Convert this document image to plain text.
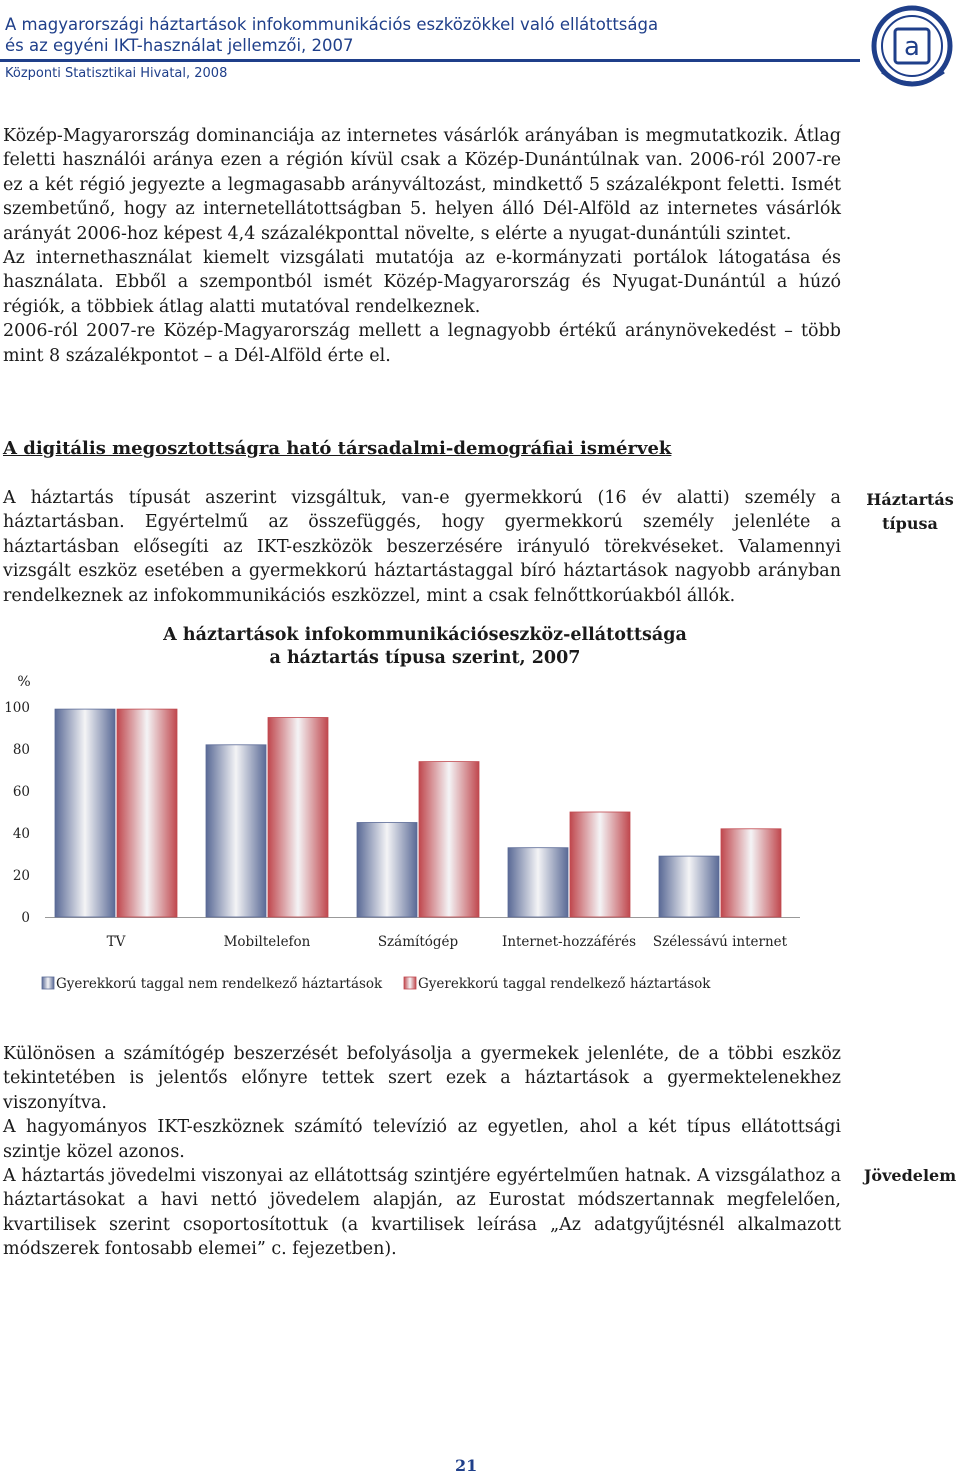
A magyarországi háztartások infokommunikációs eszközökkel való ellátottsága
és az egyéni IKT-használat jellemzői, 2007
Központi Statisztikai Hivatal, 2008
a

Közép-Magyarország dominanciája az internetes vásárlók arányában is megmutatkozik. Átlag feletti használói aránya ezen a régión kívül csak a Közép-Dunántúlnak van. 2006-ról 2007-re ez a két régió jegyezte a legmagasabb arányváltozást, mindkettő 5 százalékpont feletti. Ismét szembetűnő, hogy az internetellátottságban 5. helyen álló Dél-Alföld az internetes vásárlók arányát 2006-hoz képest 4,4 százalékponttal növelte, s elérte a nyugat-dunántúli szintet.

Az internethasználat kiemelt vizsgálati mutatója az e-kormányzati portálok látogatása és használata. Ebből a szempontból ismét Közép-Magyarország és Nyugat-Dunántúl a húzó régiók, a többiek átlag alatti mutatóval rendelkeznek.

2006-ról 2007-re Közép-Magyarország mellett a legnagyobb értékű aránynövekedést – több mint 8 százalékpontot – a Dél-Alföld érte el.

A digitális megosztottságra ható társadalmi-demográfiai ismérvek
A háztartás típusát aszerint vizsgáltuk, van-e gyermekkorú (16 év alatti) személy a háztartásban. Egyértelmű az összefüggés, hogy gyermekkorú személy jelenléte a háztartásban elősegíti az IKT-eszközök beszerzésére irányuló törekvéseket. Valamennyi vizsgált eszköz esetében a gyermekkorú háztartástaggal bíró háztartások nagyobb arányban rendelkeznek az infokommunikációs eszközzel, mint a csak felnőttkorúakból állók.
Háztartás típusa
A háztartások infokommunikációseszköz-ellátottsága
a háztartás típusa szerint, 2007
%
0
20
40
60
80
100
TV	Mobiltelefon	Számítógép	Internet-hozzáférés Szélessávú internet
Gyerekkorú taggal nem rendelkező háztartások	Gyerekkorú taggal rendelkező háztartások

Különösen a számítógép beszerzését befolyásolja a gyermekek jelenléte, de a többi eszköz tekintetében is jelentős előnyre tettek szert ezek a háztartások a gyermektelenekhez viszonyítva.

A hagyományos IKT-eszköznek számító televízió az egyetlen, ahol a két típus ellátottsági szintje közel azonos.

A háztartás jövedelmi viszonyai az ellátottság szintjére egyértelműen hatnak. A vizsgálathoz a háztartásokat a havi nettó jövedelem alapján, az Eurostat módszertannak megfelelően, kvartilisek szerint csoportosítottuk (a kvartilisek leírása „Az adatgyűjtésnél alkalmazott módszerek fontosabb elemei” c. fejezetben).

Jövedelem
21
